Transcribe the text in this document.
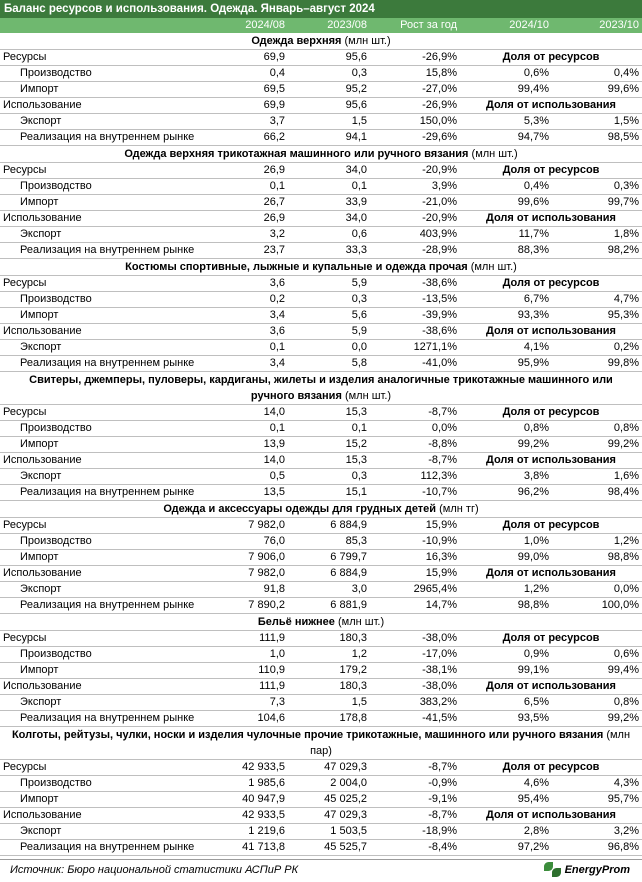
Баланс ресурсов и использования. Одежда. Январь–август 2024
	2024/08	2023/08	Рост за год	2024/10	2023/10
Одежда верхняя (млн шт.)					
Ресурсы	69,9	95,6	-26,9%	Доля от ресурсов	
Производство	0,4	0,3	15,8%	0,6%	0,4%
Импорт	69,5	95,2	-27,0%	99,4%	99,6%
Использование	69,9	95,6	-26,9%	Доля от использования	
Экспорт	3,7	1,5	150,0%	5,3%	1,5%
Реализация на внутреннем рынке	66,2	94,1	-29,6%	94,7%	98,5%
Одежда верхняя трикотажная машинного или ручного вязания (млн шт.)					
Ресурсы	26,9	34,0	-20,9%	Доля от ресурсов	
Производство	0,1	0,1	3,9%	0,4%	0,3%
Импорт	26,7	33,9	-21,0%	99,6%	99,7%
Использование	26,9	34,0	-20,9%	Доля от использования	
Экспорт	3,2	0,6	403,9%	11,7%	1,8%
Реализация на внутреннем рынке	23,7	33,3	-28,9%	88,3%	98,2%
Костюмы спортивные, лыжные и купальные и одежда прочая (млн шт.)					
Ресурсы	3,6	5,9	-38,6%	Доля от ресурсов	
Производство	0,2	0,3	-13,5%	6,7%	4,7%
Импорт	3,4	5,6	-39,9%	93,3%	95,3%
Использование	3,6	5,9	-38,6%	Доля от использования	
Экспорт	0,1	0,0	1271,1%	4,1%	0,2%
Реализация на внутреннем рынке	3,4	5,8	-41,0%	95,9%	99,8%
Свитеры, джемперы, пуловеры, кардиганы, жилеты и изделия аналогичные трикотажные машинного или ручного вязания (млн шт.)					
Ресурсы	14,0	15,3	-8,7%	Доля от ресурсов	
Производство	0,1	0,1	0,0%	0,8%	0,8%
Импорт	13,9	15,2	-8,8%	99,2%	99,2%
Использование	14,0	15,3	-8,7%	Доля от использования	
Экспорт	0,5	0,3	112,3%	3,8%	1,6%
Реализация на внутреннем рынке	13,5	15,1	-10,7%	96,2%	98,4%
Одежда и аксессуары одежды для грудных детей (млн тг)					
Ресурсы	7 982,0	6 884,9	15,9%	Доля от ресурсов	
Производство	76,0	85,3	-10,9%	1,0%	1,2%
Импорт	7 906,0	6 799,7	16,3%	99,0%	98,8%
Использование	7 982,0	6 884,9	15,9%	Доля от использования	
Экспорт	91,8	3,0	2965,4%	1,2%	0,0%
Реализация на внутреннем рынке	7 890,2	6 881,9	14,7%	98,8%	100,0%
Бельё нижнее (млн шт.)					
Ресурсы	111,9	180,3	-38,0%	Доля от ресурсов	
Производство	1,0	1,2	-17,0%	0,9%	0,6%
Импорт	110,9	179,2	-38,1%	99,1%	99,4%
Использование	111,9	180,3	-38,0%	Доля от использования	
Экспорт	7,3	1,5	383,2%	6,5%	0,8%
Реализация на внутреннем рынке	104,6	178,8	-41,5%	93,5%	99,2%
Колготы, рейтузы, чулки, носки и изделия чулочные прочие трикотажные, машинного или ручного вязания (млн пар)					
Ресурсы	42 933,5	47 029,3	-8,7%	Доля от ресурсов	
Производство	1 985,6	2 004,0	-0,9%	4,6%	4,3%
Импорт	40 947,9	45 025,2	-9,1%	95,4%	95,7%
Использование	42 933,5	47 029,3	-8,7%	Доля от использования	
Экспорт	1 219,6	1 503,5	-18,9%	2,8%	3,2%
Реализация на внутреннем рынке	41 713,8	45 525,7	-8,4%	97,2%	96,8%
Источник: Бюро национальной статистики АСПиР РК	EnergyProm
